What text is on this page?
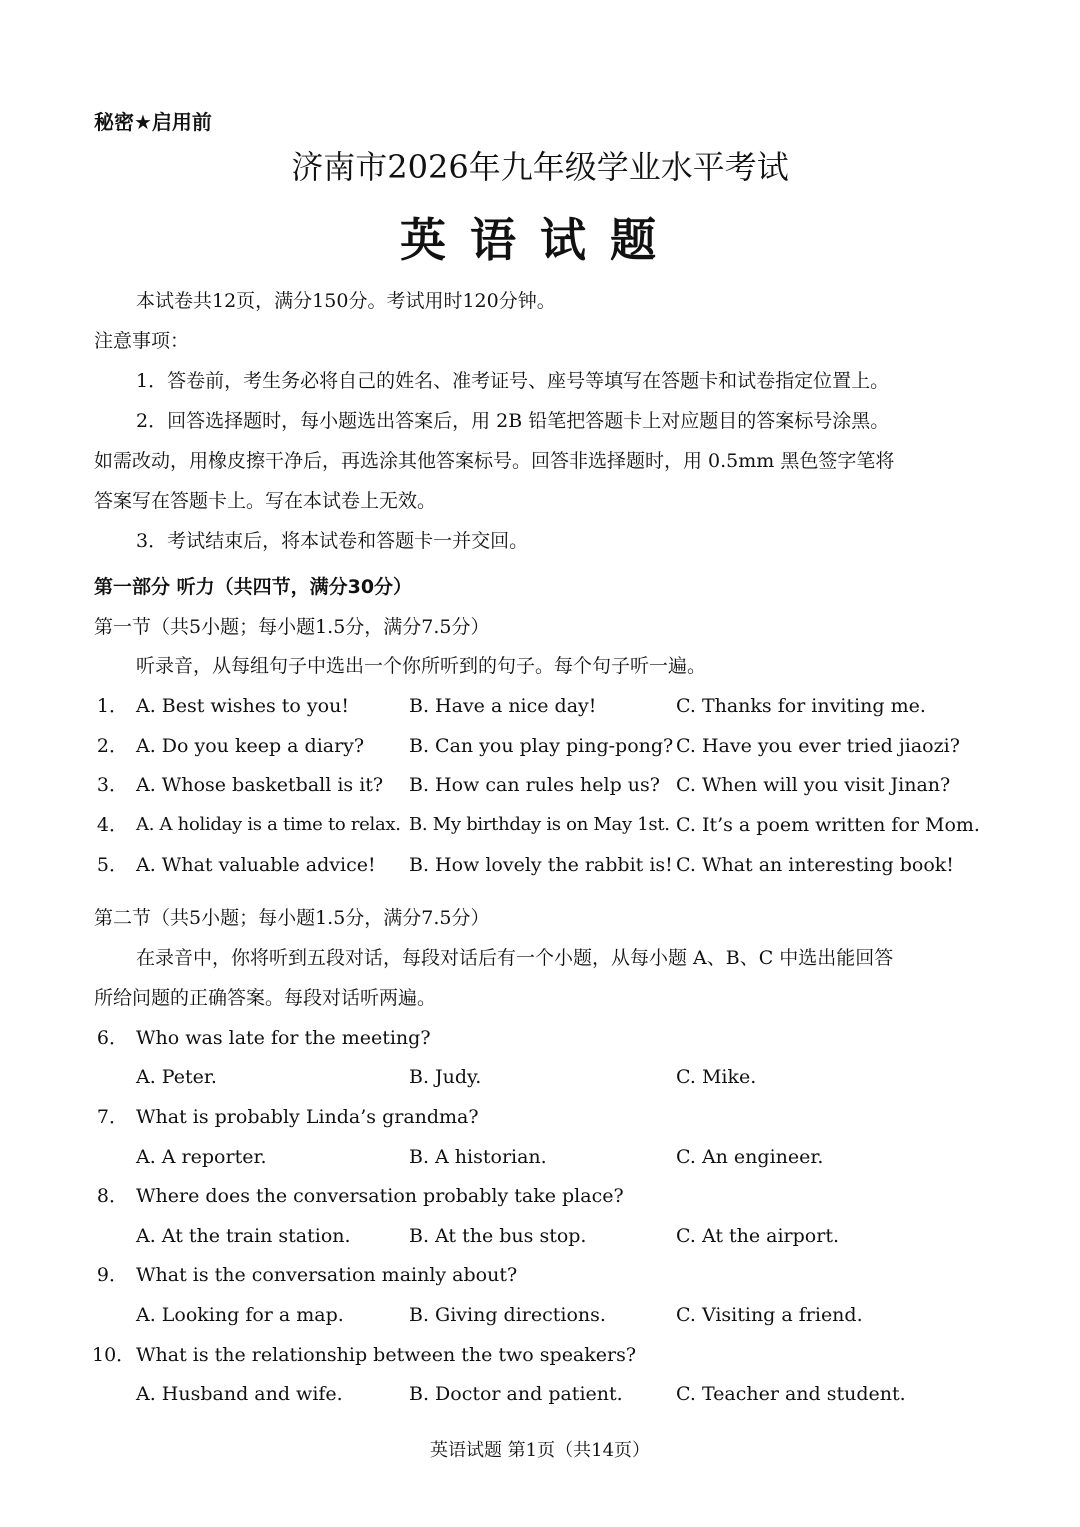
秘密★启用前
济南市2026年九年级学业水平考试
英语试题
本试卷共12页，满分150分。考试用时120分钟。
注意事项：
1．答卷前，考生务必将自己的姓名、准考证号、座号等填写在答题卡和试卷指定位置上。
2．回答选择题时，每小题选出答案后，用 2B 铅笔把答题卡上对应题目的答案标号涂黑。
如需改动，用橡皮擦干净后，再选涂其他答案标号。回答非选择题时，用 0.5mm 黑色签字笔将
答案写在答题卡上。写在本试卷上无效。
3．考试结束后，将本试卷和答题卡一并交回。
第一部分 听力（共四节，满分30分）
第一节（共5小题；每小题1.5分，满分7.5分）
听录音，从每组句子中选出一个你所听到的句子。每个句子听一遍。
1． A. Best wishes to you!	B. Have a nice day!	C. Thanks for inviting me.
2． A. Do you keep a diary? B. Can you play ping-pong? C. Have you ever tried jiaozi?
3． A. Whose basketball is it? B. How can rules help us? C. When will you visit Jinan?
4． A. A holiday is a time to relax. B. My birthday is on May 1st. C. It’s a poem written for Mom.
5． A. What valuable advice! B. How lovely the rabbit is! C. What an interesting book!
第二节（共5小题；每小题1.5分，满分7.5分）
在录音中，你将听到五段对话，每段对话后有一个小题，从每小题 A、B、C 中选出能回答
所给问题的正确答案。每段对话听两遍。
6． Who was late for the meeting?
A. Peter.	B. Judy.	C. Mike.
7． What is probably Linda’s grandma?
A. A reporter.	B. A historian.	C. An engineer.
8． Where does the conversation probably take place?
A. At the train station.	B. At the bus stop.	C. At the airport.
9． What is the conversation mainly about?
A. Looking for a map.	B. Giving directions.	C. Visiting a friend.
10． What is the relationship between the two speakers?
A. Husband and wife.	B. Doctor and patient.	C. Teacher and student.
英语试题 第1页（共14页）
